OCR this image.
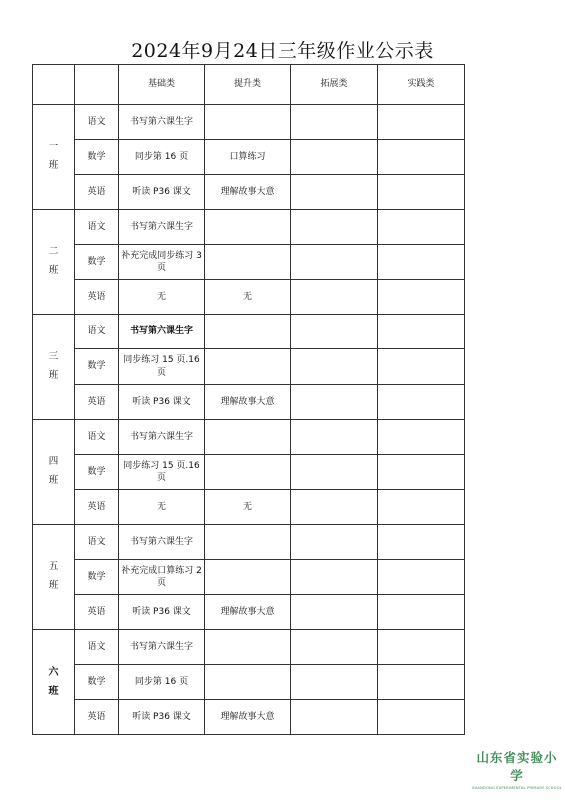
2024年9月24日三年级作业公示表
		基础类	提升类	拓展类	实践类

一
班	语文	书写第六课生字			
	数学	同步第 16 页	口算练习		
	英语	听读 P36 课文	理解故事大意		

二
班	语文	书写第六课生字			
	数学	补充完成同步练习 3 页			
	英语	无	无		

三
班	语文	书写第六课生字			
	数学	同步练习 15 页.16 页			
	英语	听读 P36 课文	理解故事大意		

四
班	语文	书写第六课生字			
	数学	同步练习 15 页.16 页			
	英语	无	无		

五
班	语文	书写第六课生字			
	数学	补充完成口算练习 2 页			
	英语	听读 P36 课文	理解故事大意		

六
班	语文	书写第六课生字			
	数学	同步第 16 页			
	英语	听读 P36 课文	理解故事大意		
山东省实验小学
SHANDONG EXPERIMENTAL PRIMARY SCHOOL
